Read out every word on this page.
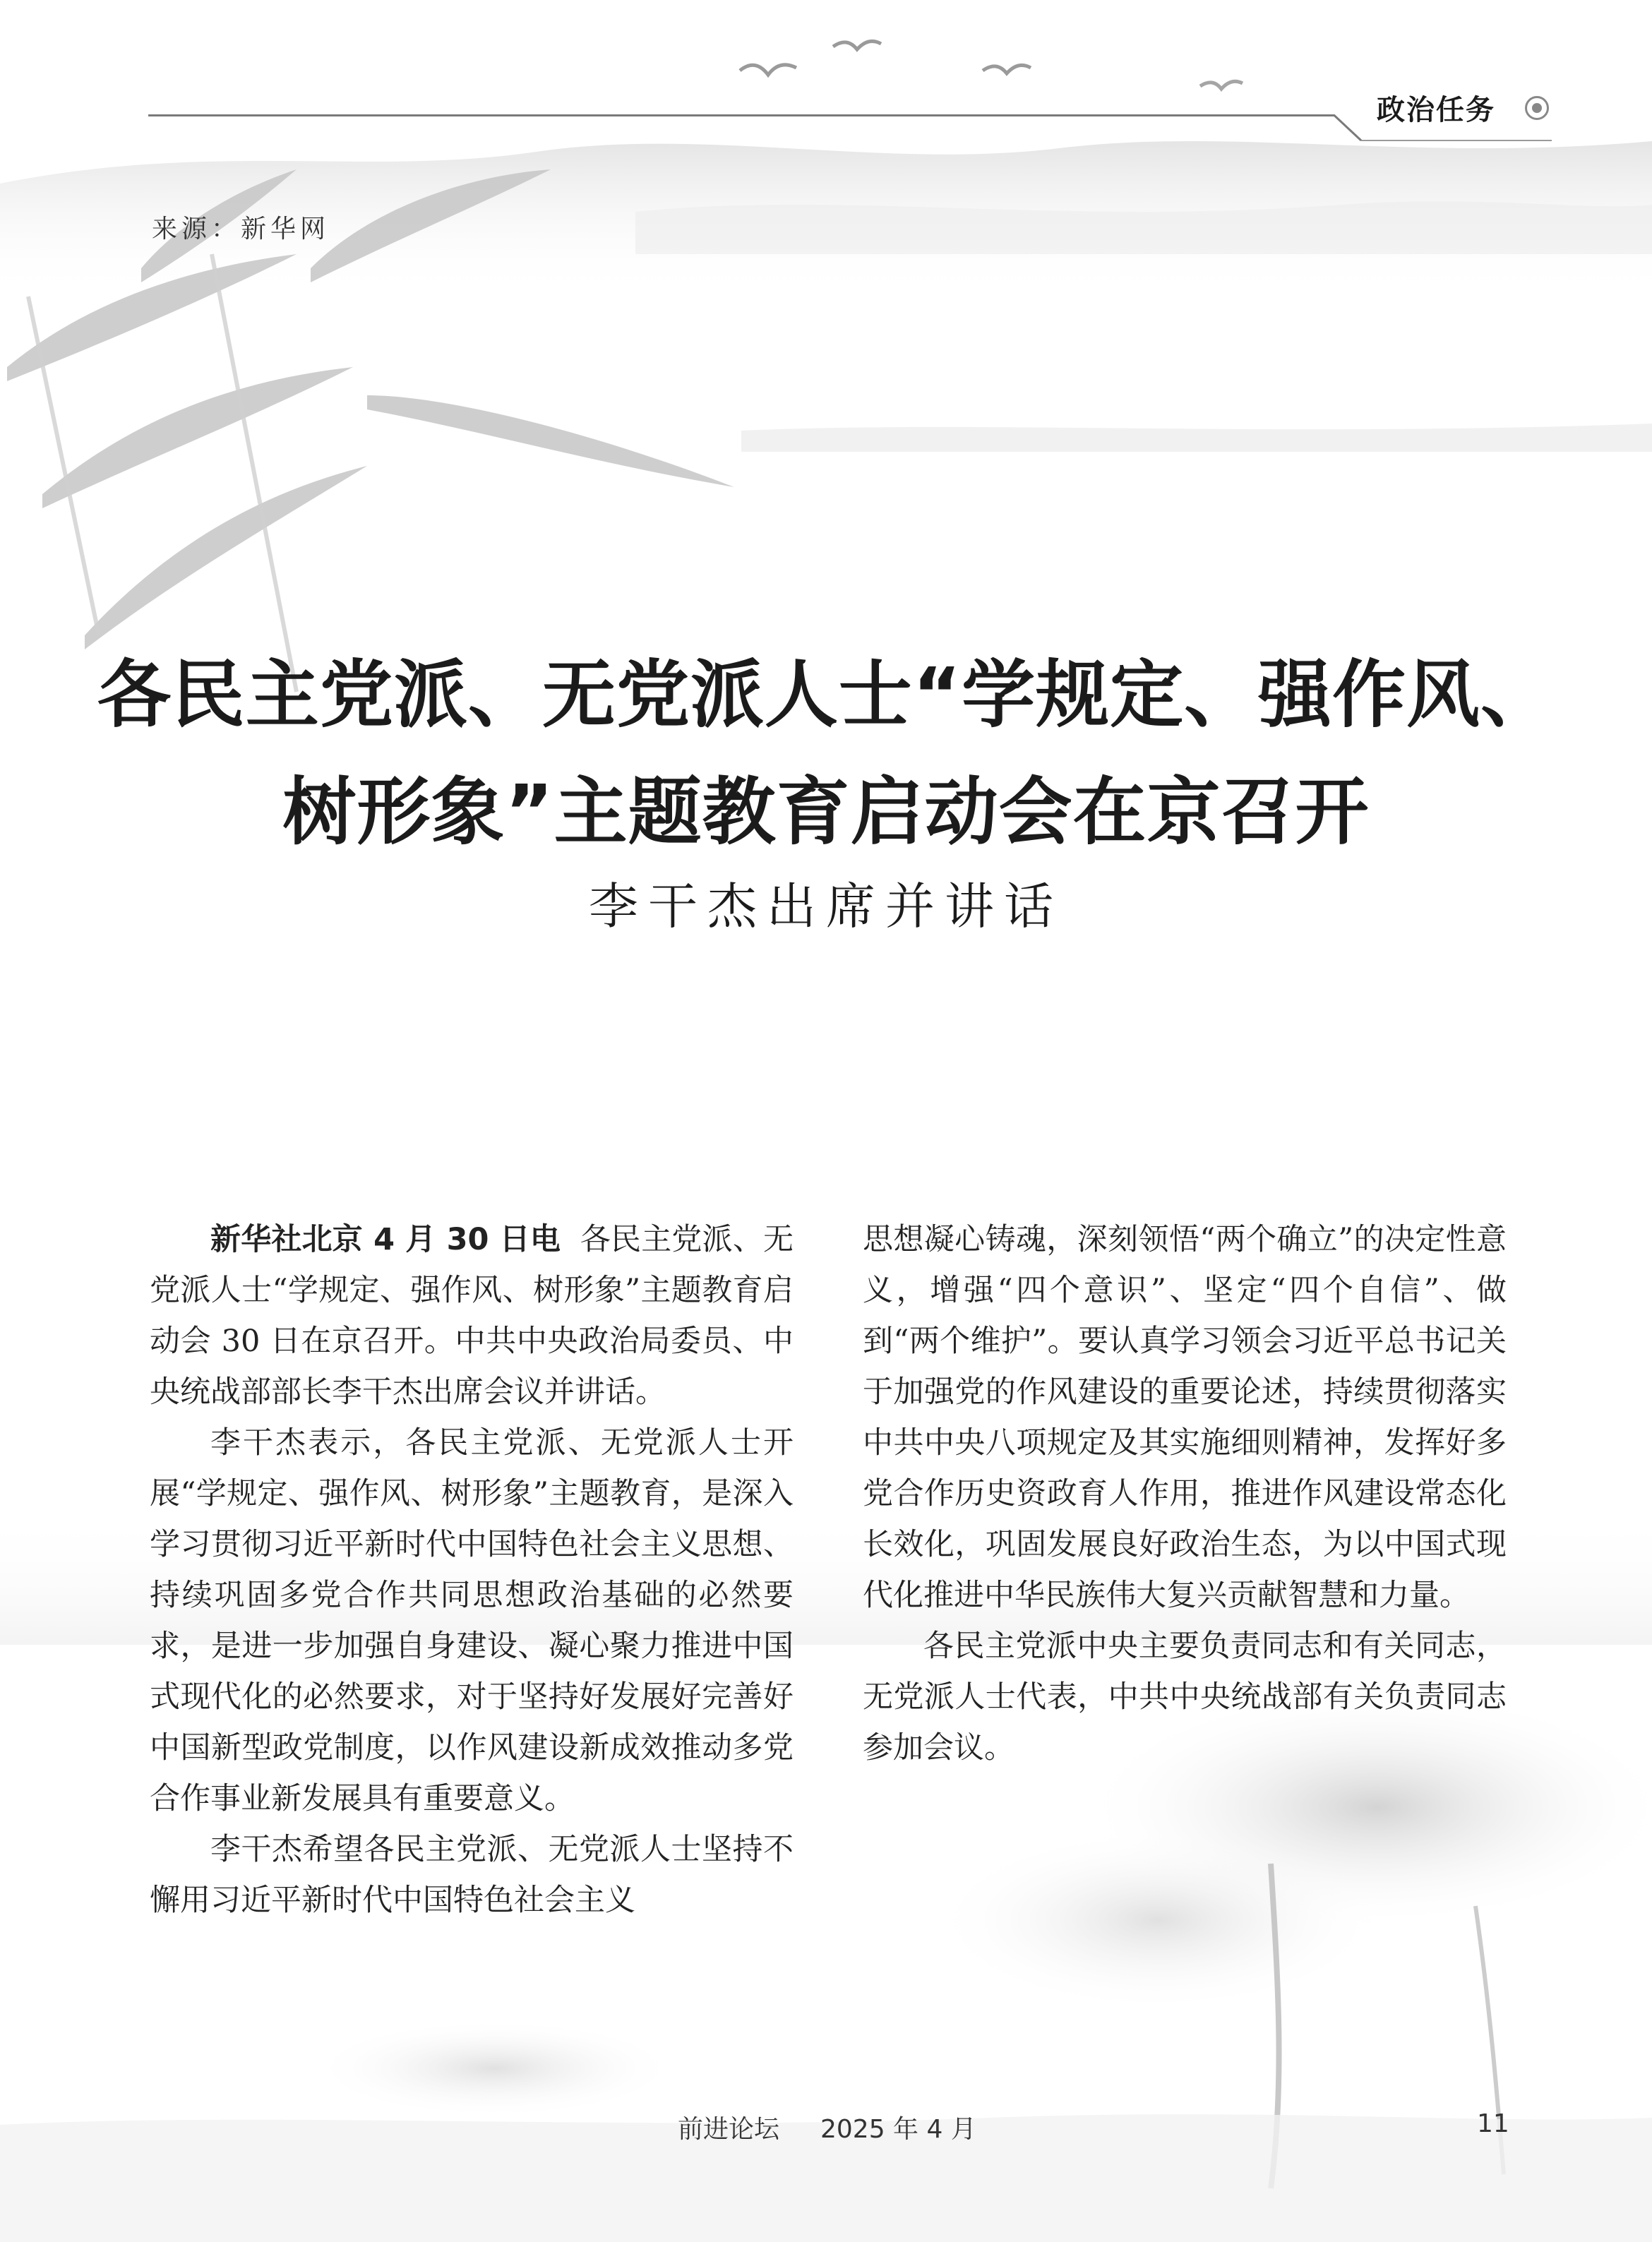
政治任务
来源：新华网
各民主党派、无党派人士“学规定、强作风、
树形象”主题教育启动会在京召开
李干杰出席并讲话

新华社北京 4 月 30 日电 各民主党派、无党派人士“学规定、强作风、树形象”主题教育启动会 30 日在京召开。中共中央政治局委员、中央统战部部长李干杰出席会议并讲话。

李干杰表示，各民主党派、无党派人士开展“学规定、强作风、树形象”主题教育，是深入学习贯彻习近平新时代中国特色社会主义思想、持续巩固多党合作共同思想政治基础的必然要求，是进一步加强自身建设、凝心聚力推进中国式现代化的必然要求，对于坚持好发展好完善好中国新型政党制度，以作风建设新成效推动多党合作事业新发展具有重要意义。

李干杰希望各民主党派、无党派人士坚持不懈用习近平新时代中国特色社会主义

思想凝心铸魂，深刻领悟“两个确立”的决定性意义，增强“四个意识”、坚定“四个自信”、做到“两个维护”。要认真学习领会习近平总书记关于加强党的作风建设的重要论述，持续贯彻落实中共中央八项规定及其实施细则精神，发挥好多党合作历史资政育人作用，推进作风建设常态化长效化，巩固发展良好政治生态，为以中国式现代化推进中华民族伟大复兴贡献智慧和力量。

各民主党派中央主要负责同志和有关同志，无党派人士代表，中共中央统战部有关负责同志参加会议。

前进论坛 2025 年 4 月	11
